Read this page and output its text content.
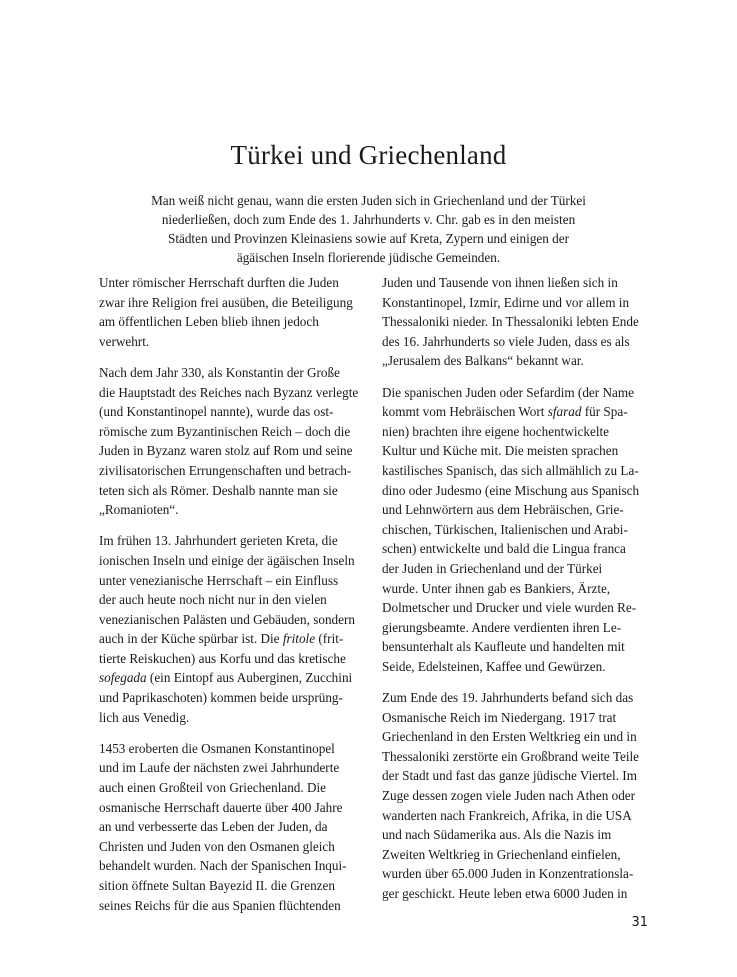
Türkei und Griechenland

Man weiß nicht genau, wann die ersten Juden sich in Griechenland und der Türkei
niederließen, doch zum Ende des 1. Jahrhunderts v. Chr. gab es in den meisten
Städten und Provinzen Kleinasiens sowie auf Kreta, Zypern und einigen der
ägäischen Inseln florierende jüdische Gemeinden.

Unter römischer Herrschaft durften die Juden
zwar ihre Religion frei ausüben, die Beteiligung
am öffentlichen Leben blieb ihnen jedoch
verwehrt.

Nach dem Jahr 330, als Konstantin der Große
die Hauptstadt des Reiches nach Byzanz verlegte
(und Konstantinopel nannte), wurde das ost-
römische zum Byzantinischen Reich – doch die
Juden in Byzanz waren stolz auf Rom und seine
zivilisatorischen Errungenschaften und betrach-
teten sich als Römer. Deshalb nannte man sie
„Romanioten“.

Im frühen 13. Jahrhundert gerieten Kreta, die
ionischen Inseln und einige der ägäischen Inseln
unter venezianische Herrschaft – ein Einfluss
der auch heute noch nicht nur in den vielen
venezianischen Palästen und Gebäuden, sondern
auch in der Küche spürbar ist. Die fritole (frit-
tierte Reiskuchen) aus Korfu und das kretische
sofegada (ein Eintopf aus Auberginen, Zucchini
und Paprikaschoten) kommen beide ursprüng-
lich aus Venedig.

1453 eroberten die Osmanen Konstantinopel
und im Laufe der nächsten zwei Jahrhunderte
auch einen Großteil von Griechenland. Die
osmanische Herrschaft dauerte über 400 Jahre
an und verbesserte das Leben der Juden, da
Christen und Juden von den Osmanen gleich
behandelt wurden. Nach der Spanischen Inqui-
sition öffnete Sultan Bayezid II. die Grenzen
seines Reichs für die aus Spanien flüchtenden

Juden und Tausende von ihnen ließen sich in
Konstantinopel, Izmir, Edirne und vor allem in
Thessaloniki nieder. In Thessaloniki lebten Ende
des 16. Jahrhunderts so viele Juden, dass es als
„Jerusalem des Balkans“ bekannt war.

Die spanischen Juden oder Sefardim (der Name
kommt vom Hebräischen Wort sfarad für Spa-
nien) brachten ihre eigene hochentwickelte
Kultur und Küche mit. Die meisten sprachen
kastilisches Spanisch, das sich allmählich zu La-
dino oder Judesmo (eine Mischung aus Spanisch
und Lehnwörtern aus dem Hebräischen, Grie-
chischen, Türkischen, Italienischen und Arabi-
schen) entwickelte und bald die Lingua franca
der Juden in Griechenland und der Türkei
wurde. Unter ihnen gab es Bankiers, Ärzte,
Dolmetscher und Drucker und viele wurden Re-
gierungsbeamte. Andere verdienten ihren Le-
bensunterhalt als Kaufleute und handelten mit
Seide, Edelsteinen, Kaffee und Gewürzen.

Zum Ende des 19. Jahrhunderts befand sich das
Osmanische Reich im Niedergang. 1917 trat
Griechenland in den Ersten Weltkrieg ein und in
Thessaloniki zerstörte ein Großbrand weite Teile
der Stadt und fast das ganze jüdische Viertel. Im
Zuge dessen zogen viele Juden nach Athen oder
wanderten nach Frankreich, Afrika, in die USA
und nach Südamerika aus. Als die Nazis im
Zweiten Weltkrieg in Griechenland einfielen,
wurden über 65.000 Juden in Konzentrationsla-
ger geschickt. Heute leben etwa 6000 Juden in

31
